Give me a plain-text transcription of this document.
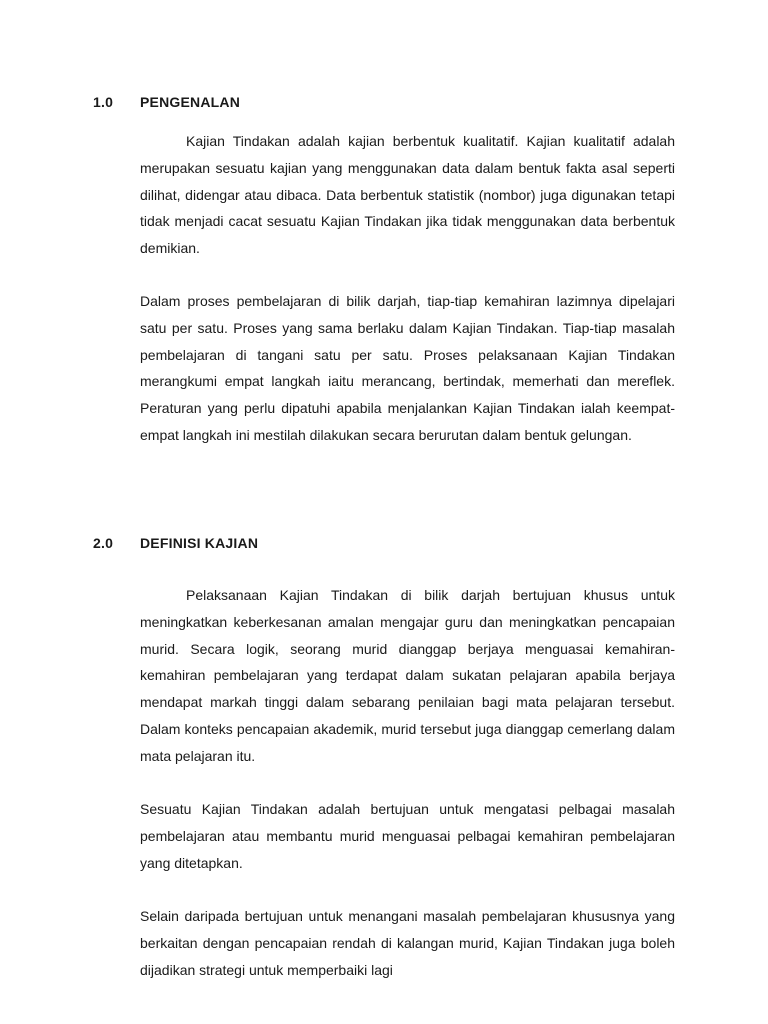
1.0 PENGENALAN

Kajian Tindakan adalah kajian berbentuk kualitatif. Kajian kualitatif adalah merupakan sesuatu kajian yang menggunakan data dalam bentuk fakta asal seperti dilihat, didengar atau dibaca. Data berbentuk statistik (nombor) juga digunakan tetapi tidak menjadi cacat sesuatu Kajian Tindakan jika tidak menggunakan data berbentuk demikian.

Dalam proses pembelajaran di bilik darjah, tiap-tiap kemahiran lazimnya dipelajari satu per satu. Proses yang sama berlaku dalam Kajian Tindakan. Tiap-tiap masalah pembelajaran di tangani satu per satu. Proses pelaksanaan Kajian Tindakan merangkumi empat langkah iaitu merancang, bertindak, memerhati dan mereflek. Peraturan yang perlu dipatuhi apabila menjalankan Kajian Tindakan ialah keempat-empat langkah ini mestilah dilakukan secara berurutan dalam bentuk gelungan.

2.0 DEFINISI KAJIAN

Pelaksanaan Kajian Tindakan di bilik darjah bertujuan khusus untuk meningkatkan keberkesanan amalan mengajar guru dan meningkatkan pencapaian murid. Secara logik, seorang murid dianggap berjaya menguasai kemahiran-kemahiran pembelajaran yang terdapat dalam sukatan pelajaran apabila berjaya mendapat markah tinggi dalam sebarang penilaian bagi mata pelajaran tersebut. Dalam konteks pencapaian akademik, murid tersebut juga dianggap cemerlang dalam mata pelajaran itu.

Sesuatu Kajian Tindakan adalah bertujuan untuk mengatasi pelbagai masalah pembelajaran atau membantu murid menguasai pelbagai kemahiran pembelajaran yang ditetapkan.

Selain daripada bertujuan untuk menangani masalah pembelajaran khususnya yang berkaitan dengan pencapaian rendah di kalangan murid, Kajian Tindakan juga boleh dijadikan strategi untuk memperbaiki lagi
